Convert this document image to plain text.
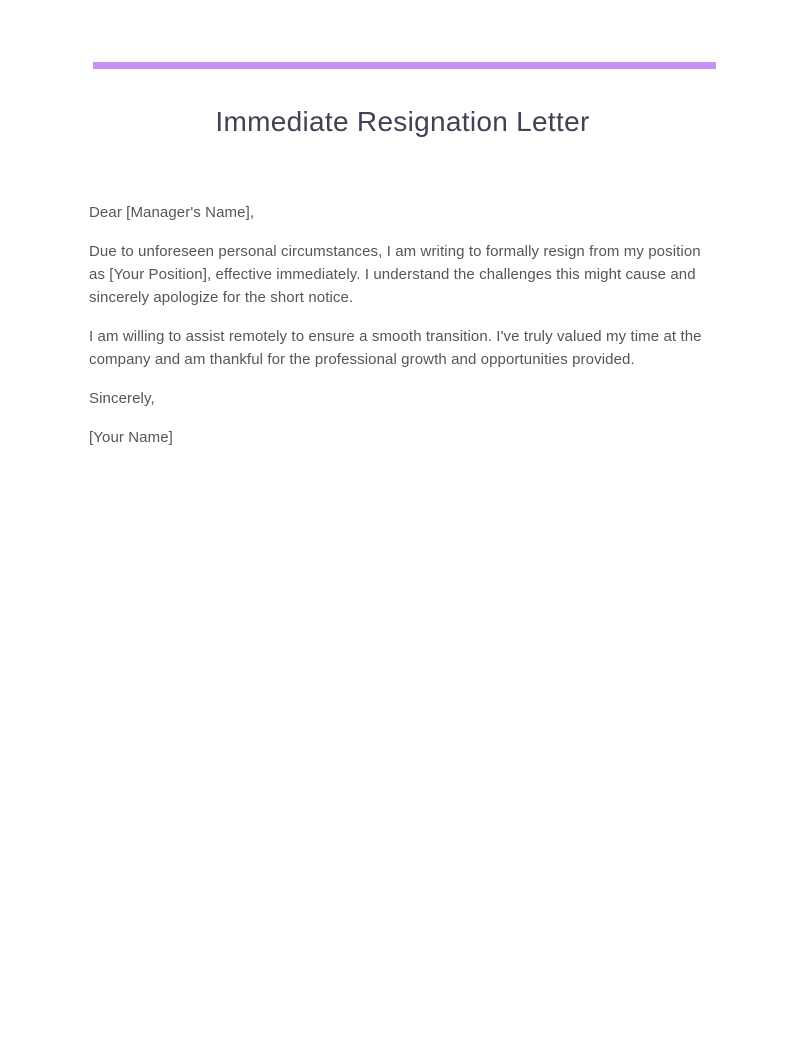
Immediate Resignation Letter

Dear [Manager's Name],

Due to unforeseen personal circumstances, I am writing to formally resign from my position as [Your Position], effective immediately. I understand the challenges this might cause and sincerely apologize for the short notice.

I am willing to assist remotely to ensure a smooth transition. I've truly valued my time at the company and am thankful for the professional growth and opportunities provided.

Sincerely,

[Your Name]
